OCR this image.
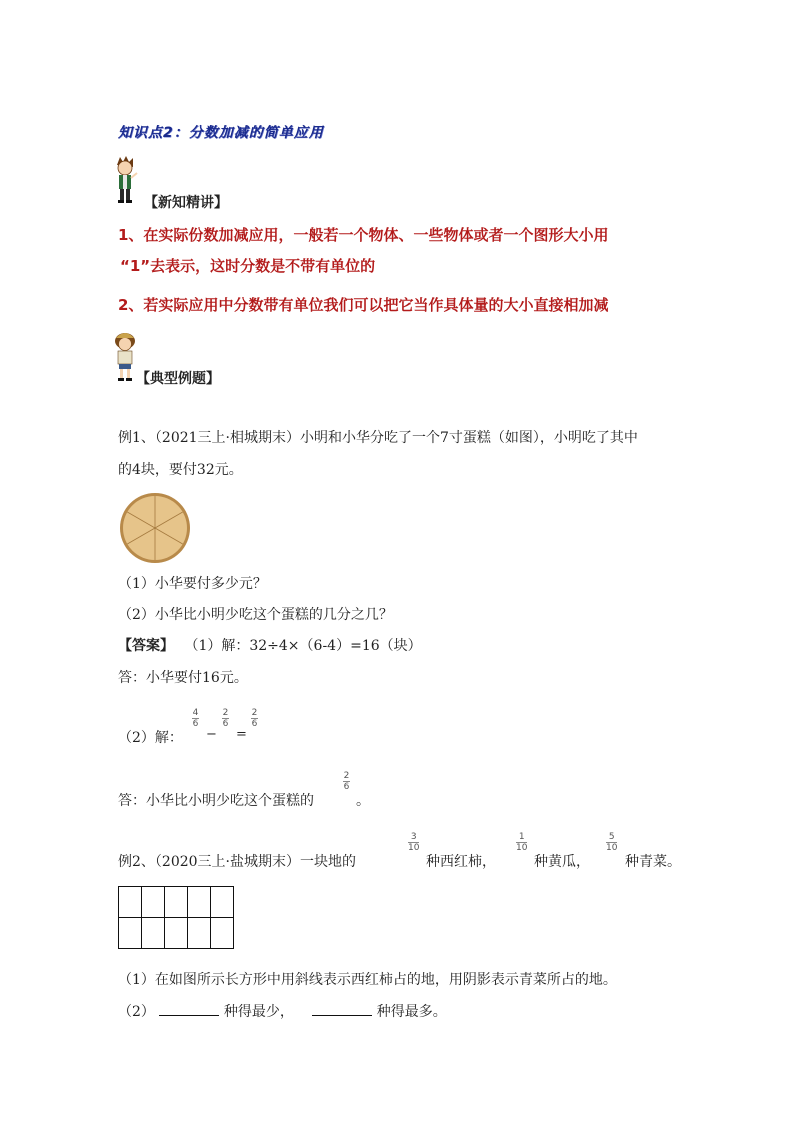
知识点2：分数加减的简单应用
【新知精讲】
1、在实际份数加减应用，一般若一个物体、一些物体或者一个图形大小用
“1”去表示，这时分数是不带有单位的
2、若实际应用中分数带有单位我们可以把它当作具体量的大小直接相加减
【典型例题】
例1、（2021三上·相城期末）小明和小华分吃了一个7寸蛋糕（如图），小明吃了其中
的4块，要付32元。
（1）小华要付多少元？
（2）小华比小明少吃这个蛋糕的几分之几？
【答案】 （1）解：32÷4×（6-4）=16（块）
答：小华要付16元。
（2）解：
4
6
−
2
6
=
2
6
答：小华比小明少吃这个蛋糕的
2
6
。
例2、（2020三上·盐城期末）一块地的
3
10
种西红柿，
1
10
种黄瓜，
5
10
种青菜。

（1）在如图所示长方形中用斜线表示西红柿占的地，用阴影表示青菜所占的地。
（2）	种得最少，	种得最多。
